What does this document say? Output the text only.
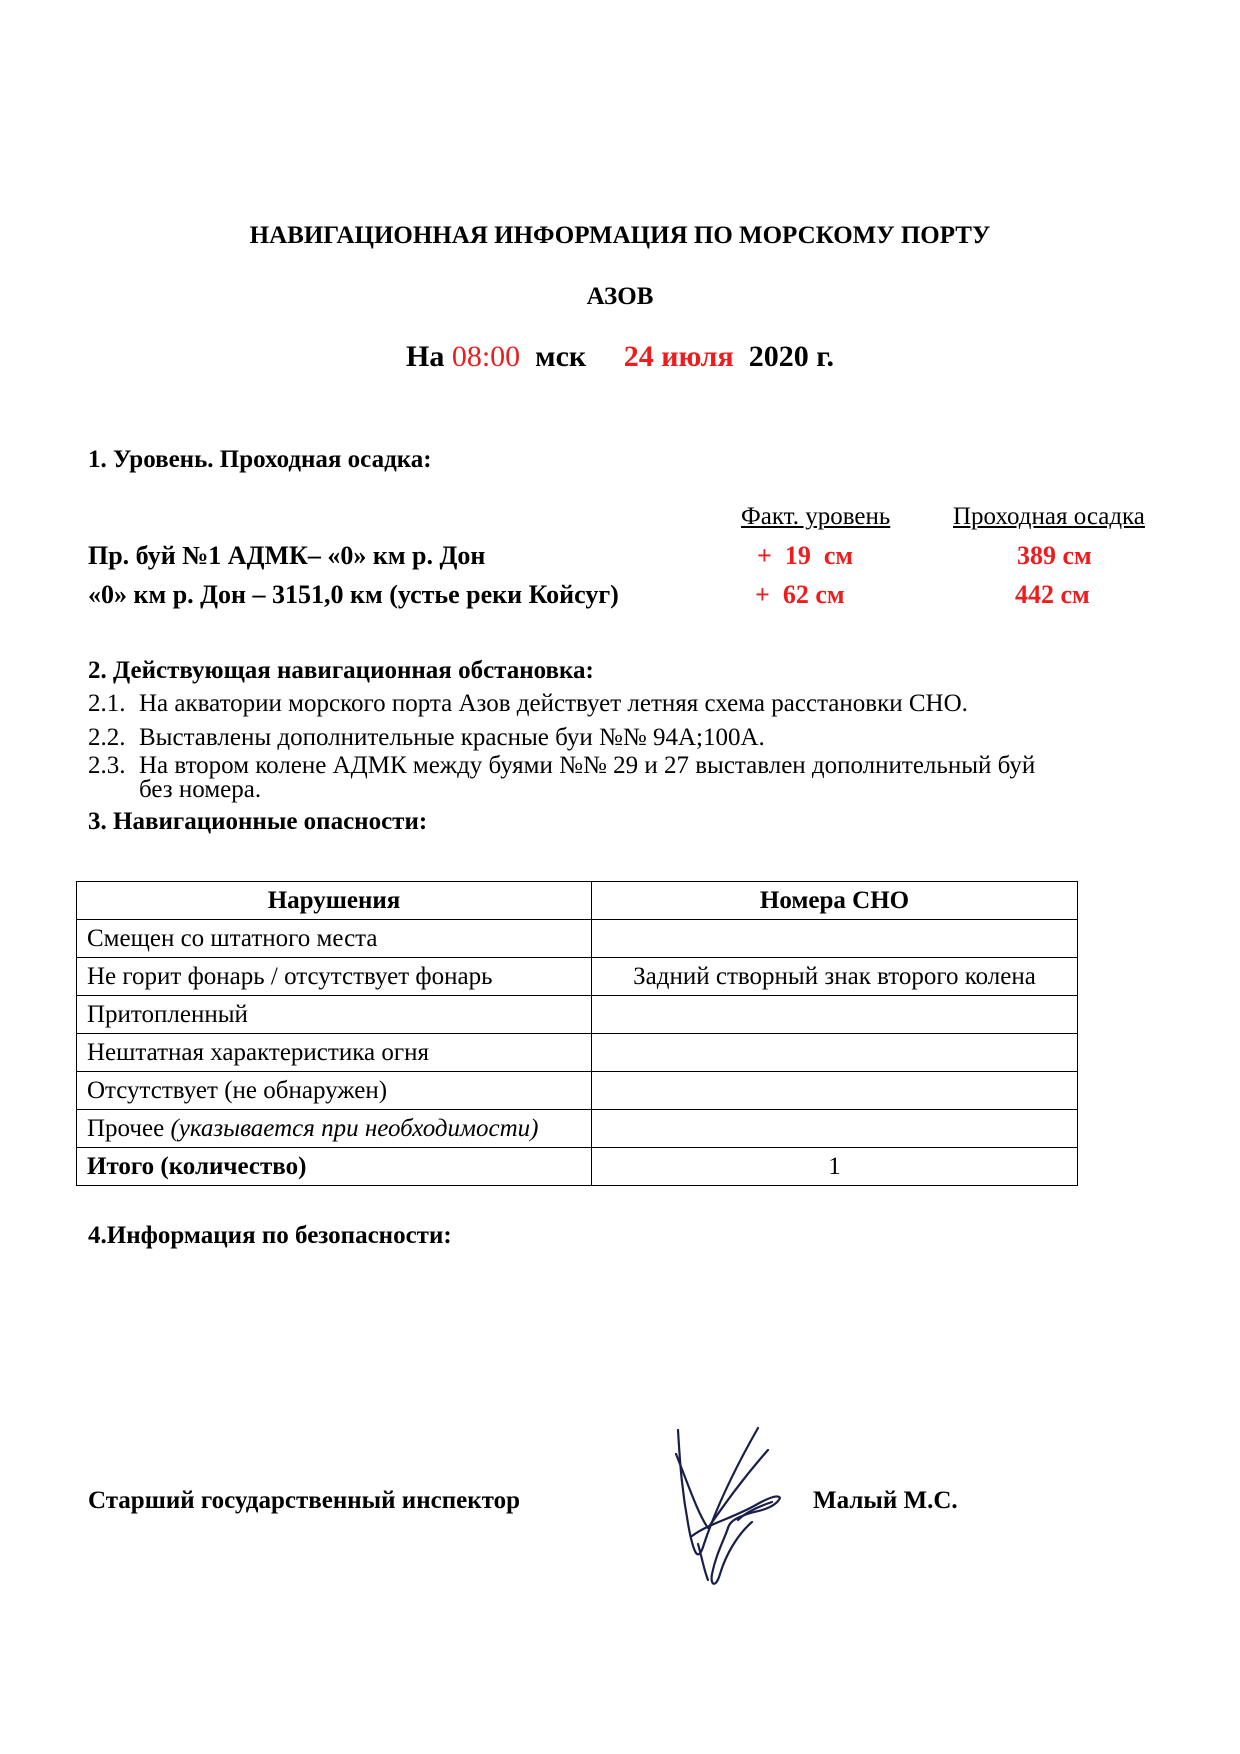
НАВИГАЦИОННАЯ ИНФОРМАЦИЯ ПО МОРСКОМУ ПОРТУ
АЗОВ
На 08:00 мск 24 июля 2020 г.
1. Уровень. Проходная осадка:
Факт. уровень	Проходная осадка
Пр. буй №1 АДМК– «0» км р. Дон	+  19  см	389 см
«0» км р. Дон – 3151,0 км (устье реки Койсуг)	+  62 см	442 см
2. Действующая навигационная обстановка:
2.1. На акватории морского порта Азов действует летняя схема расстановки СНО.
2.2. Выставлены дополнительные красные буи №№ 94А;100А.
2.3. На втором колене АДМК между буями №№ 29 и 27 выставлен дополнительный буй
без номера.
3. Навигационные опасности:
Нарушения	Номера СНО
Смещен со штатного места	
Не горит фонарь / отсутствует фонарь	Задний створный знак второго колена
Притопленный	
Нештатная характеристика огня	
Отсутствует (не обнаружен)	
Прочее (указывается при необходимости)	
Итого (количество)	1
4.Информация по безопасности:
Старший государственный инспектор	Малый М.С.
